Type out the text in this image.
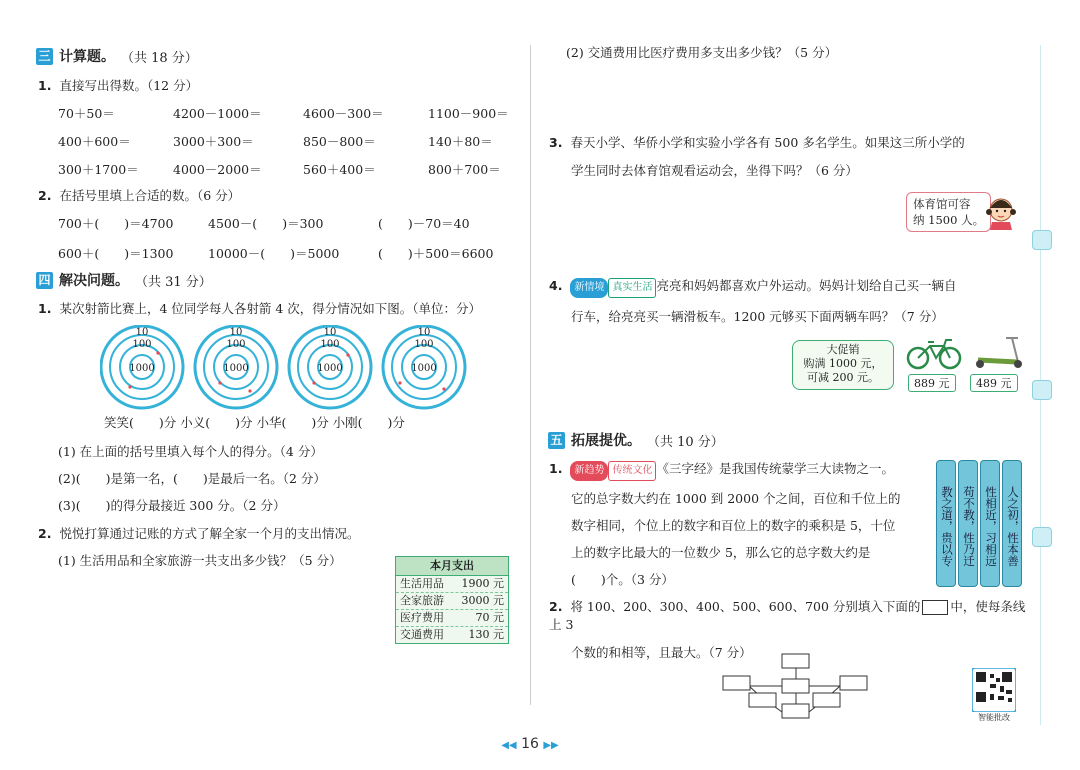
三 计算题。 （共 18 分）
1. 直接写出得数。（12 分）
70＋50＝	4200－1000＝	4600－300＝	1100－900＝
400＋600＝	3000＋300＝	850－800＝	140＋80＝
300＋1700＝	4000－2000＝	560＋400＝	800＋700＝
2. 在括号里填上合适的数。（6 分）
700＋(　　)＝4700	4500－(　　)＝300	(　　)－70＝40
600＋(　　)＝1300	10000－(　　)＝5000	(　　)＋500＝6600
四 解决问题。 （共 31 分）
1. 某次射箭比赛上，4 位同学每人各射箭 4 次，得分情况如下图。（单位：分）
10
100
1000
10
100
1000
10
100
1000
10
100
1000
笑笑(　　)分 小义(　　)分 小华(　　)分 小刚(　　)分
(1) 在上面的括号里填入每个人的得分。（4 分）
(2)(　　)是第一名，(　　)是最后一名。（2 分）
(3)(　　)的得分最接近 300 分。（2 分）
2. 悦悦打算通过记账的方式了解全家一个月的支出情况。
(1) 生活用品和全家旅游一共支出多少钱？（5 分）	本月支出
生活用品 1900 元
全家旅游 3000 元
医疗费用	70 元
交通费用 130 元
(2) 交通费用比医疗费用多支出多少钱？（5 分）
3. 春天小学、华侨小学和实验小学各有 500 多名学生。如果这三所小学的
学生同时去体育馆观看运动会，坐得下吗？（6 分）
体育馆可容
纳 1500 人。
4. 新情境 真实生活 亮亮和妈妈都喜欢户外运动。妈妈计划给自己买一辆自
行车，给亮亮买一辆滑板车。1200 元够买下面两辆车吗？（7 分）
大促销
购满 1000 元，
可减 200 元。	889 元	489 元
五 拓展提优。 （共 10 分）
1. 新趋势 传统文化 《三字经》是我国传统蒙学三大读物之一。
它的总字数大约在 1000 到 2000 个之间，百位和千位上的
数字相同，个位上的数字和百位上的数字的乘积是 5，十位
上的数字比最大的一位数少 5，那么它的总字数大约是
(　　)个。（3 分）
教之道，贵以专 苟不教，性乃迁 性相近，习相远 人之初，性本善
2. 将 100、200、300、400、500、600、700 分别填入下面的 中，使每条线上 3
个数的和相等，且最大。（7 分）
智能批改
◀◀ 16 ▶▶
